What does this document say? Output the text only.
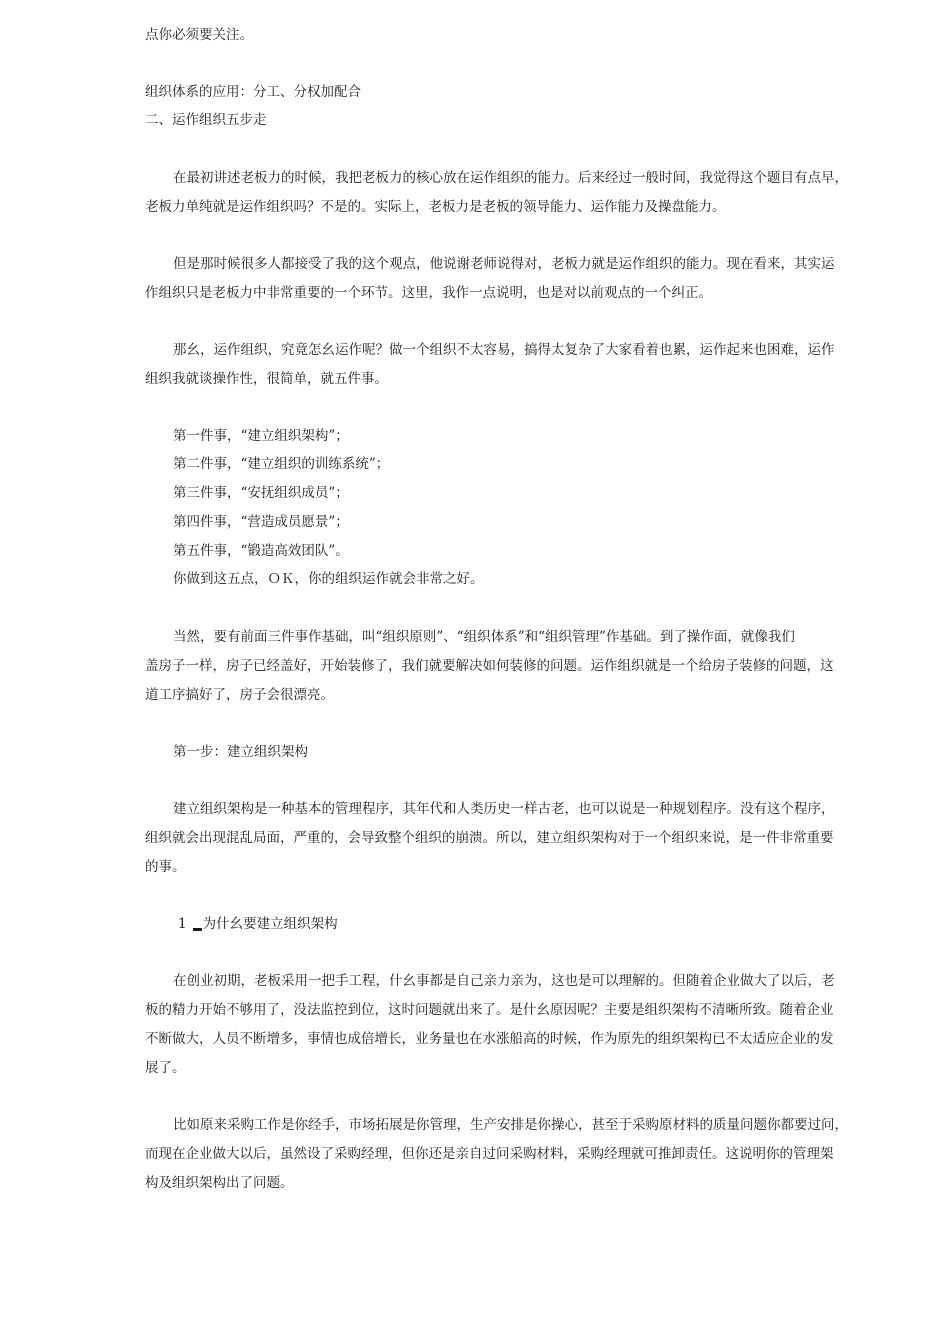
点你必须要关注。
组织体系的应用：分工、分权加配合
二、运作组织五步走
在最初讲述老板力的时候，我把老板力的核心放在运作组织的能力。后来经过一般时间，我觉得这个题目有点早，
老板力单纯就是运作组织吗？不是的。实际上，老板力是老板的领导能力、运作能力及操盘能力。
但是那时候很多人都接受了我的这个观点，他说谢老师说得对，老板力就是运作组织的能力。现在看来，其实运
作组织只是老板力中非常重要的一个环节。这里，我作一点说明，也是对以前观点的一个纠正。
那幺，运作组织，究竟怎幺运作呢？做一个组织不太容易，搞得太复杂了大家看着也累，运作起来也困难，运作
组织我就谈操作性，很简单，就五件事。
第一件事，“建立组织架构”；
第二件事，“建立组织的训练系统”；
第三件事，“安抚组织成员”；
第四件事，“营造成员愿景”；
第五件事，“锻造高效团队”。
你做到这五点，ＯＫ，你的组织运作就会非常之好。
当然，要有前面三件事作基础，叫“组织原则”、“组织体系”和“组织管理”作基础。到了操作面，就像我们
盖房子一样，房子已经盖好，开始装修了，我们就要解决如何装修的问题。运作组织就是一个给房子装修的问题，这
道工序搞好了，房子会很漂亮。
第一步：建立组织架构
建立组织架构是一种基本的管理程序，其年代和人类历史一样古老，也可以说是一种规划程序。没有这个程序，
组织就会出现混乱局面，严重的，会导致整个组织的崩溃。所以，建立组织架构对于一个组织来说，是一件非常重要
的事。
1 为什幺要建立组织架构
在创业初期，老板采用一把手工程，什幺事都是自己亲力亲为，这也是可以理解的。但随着企业做大了以后，老
板的精力开始不够用了，没法监控到位，这时问题就出来了。是什幺原因呢？主要是组织架构不清晰所致。随着企业
不断做大，人员不断增多，事情也成倍增长，业务量也在水涨船高的时候，作为原先的组织架构已不太适应企业的发
展了。
比如原来采购工作是你经手，市场拓展是你管理，生产安排是你操心，甚至于采购原材料的质量问题你都要过问，
而现在企业做大以后，虽然设了采购经理，但你还是亲自过问采购材料，采购经理就可推卸责任。这说明你的管理架
构及组织架构出了问题。
